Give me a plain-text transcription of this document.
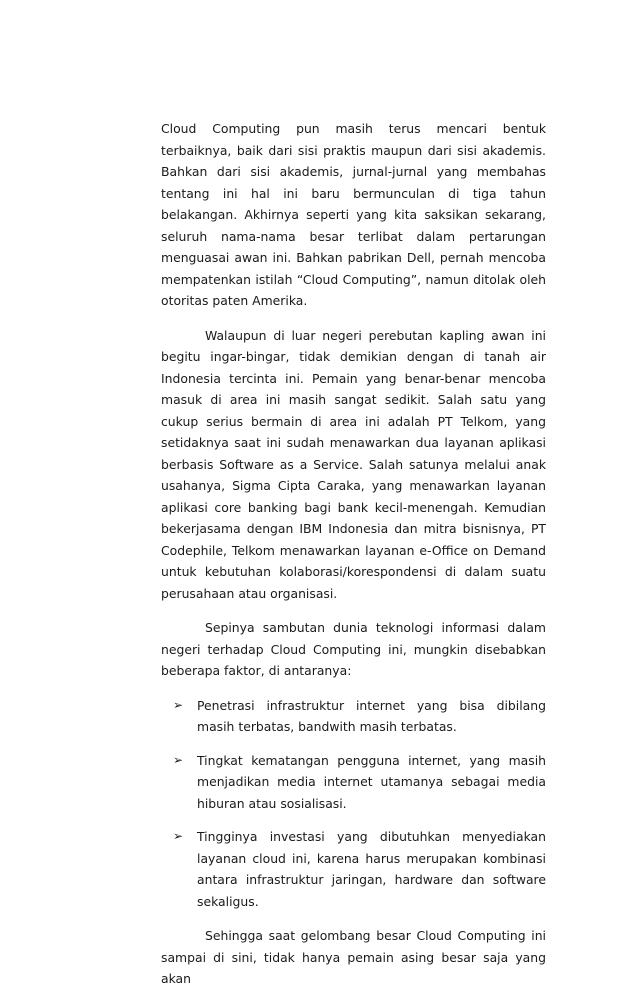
Cloud Computing pun masih terus mencari bentuk terbaiknya, baik dari sisi praktis maupun dari sisi akademis. Bahkan dari sisi akademis, jurnal-jurnal yang membahas tentang ini hal ini baru bermunculan di tiga tahun belakangan. Akhirnya seperti yang kita saksikan sekarang, seluruh nama-nama besar terlibat dalam pertarungan menguasai awan ini. Bahkan pabrikan Dell, pernah mencoba mempatenkan istilah “Cloud Computing”, namun ditolak oleh otoritas paten Amerika.

Walaupun di luar negeri perebutan kapling awan ini begitu ingar-bingar, tidak demikian dengan di tanah air Indonesia tercinta ini. Pemain yang benar-benar mencoba masuk di area ini masih sangat sedikit. Salah satu yang cukup serius bermain di area ini adalah PT Telkom, yang setidaknya saat ini sudah menawarkan dua layanan aplikasi berbasis Software as a Service. Salah satunya melalui anak usahanya, Sigma Cipta Caraka, yang menawarkan layanan aplikasi core banking bagi bank kecil-menengah. Kemudian bekerjasama dengan IBM Indonesia dan mitra bisnisnya, PT Codephile, Telkom menawarkan layanan e-Office on Demand untuk kebutuhan kolaborasi/korespondensi di dalam suatu perusahaan atau organisasi.

Sepinya sambutan dunia teknologi informasi dalam negeri terhadap Cloud Computing ini, mungkin disebabkan beberapa faktor, di antaranya:

➢ Penetrasi infrastruktur internet yang bisa dibilang masih terbatas, bandwith masih terbatas.
➢ Tingkat kematangan pengguna internet, yang masih menjadikan media internet utamanya sebagai media hiburan atau sosialisasi.
➢ Tingginya investasi yang dibutuhkan menyediakan layanan cloud ini, karena harus merupakan kombinasi antara infrastruktur jaringan, hardware dan software sekaligus.

Sehingga saat gelombang besar Cloud Computing ini sampai di sini, tidak hanya pemain asing besar saja yang akan
